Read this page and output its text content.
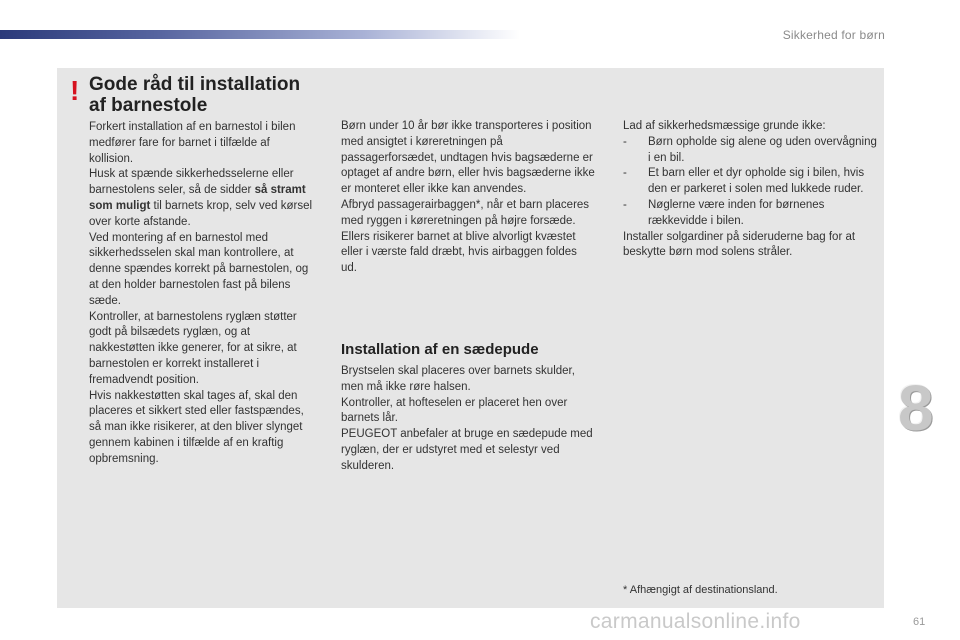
Sikkerhed for børn
! Gode råd til installation
af barnestole

Forkert installation af en barnestol i bilen medfører fare for barnet i tilfælde af kollision.

Husk at spænde sikkerhedsselerne eller barnestolens seler, så de sidder så stramt som muligt til barnets krop, selv ved kørsel over korte afstande.

Ved montering af en barnestol med sikkerhedsselen skal man kontrollere, at denne spændes korrekt på barnestolen, og at den holder barnestolen fast på bilens sæde.

Kontroller, at barnestolens ryglæn støtter godt på bilsædets ryglæn, og at nakkestøtten ikke generer, for at sikre, at barnestolen er korrekt installeret i fremadvendt position.

Hvis nakkestøtten skal tages af, skal den placeres et sikkert sted eller fastspændes, så man ikke risikerer, at den bliver slynget gennem kabinen i tilfælde af en kraftig opbremsning.

Børn under 10 år bør ikke transporteres i position med ansigtet i køreretningen på passagerforsædet, undtagen hvis bagsæderne er optaget af andre børn, eller hvis bagsæderne ikke er monteret eller ikke kan anvendes.

Afbryd passagerairbaggen*, når et barn placeres med ryggen i køreretningen på højre forsæde.

Ellers risikerer barnet at blive alvorligt kvæstet eller i værste fald dræbt, hvis airbaggen foldes ud.

Installation af en sædepude

Brystselen skal placeres over barnets skulder, men må ikke røre halsen.

Kontroller, at hofteselen er placeret hen over barnets lår.

PEUGEOT anbefaler at bruge en sædepude med ryglæn, der er udstyret med et selestyr ved skulderen.

Lad af sikkerhedsmæssige grunde ikke:

-	Børn opholde sig alene og uden overvågning i en bil.
-	Et barn eller et dyr opholde sig i bilen, hvis den er parkeret i solen med lukkede ruder.
-	Nøglerne være inden for børnenes rækkevidde i bilen.

Installer solgardiner på sideruderne bag for at beskytte børn mod solens stråler.

* Afhængigt af destinationsland.
8
carmanualsonline.info	61
